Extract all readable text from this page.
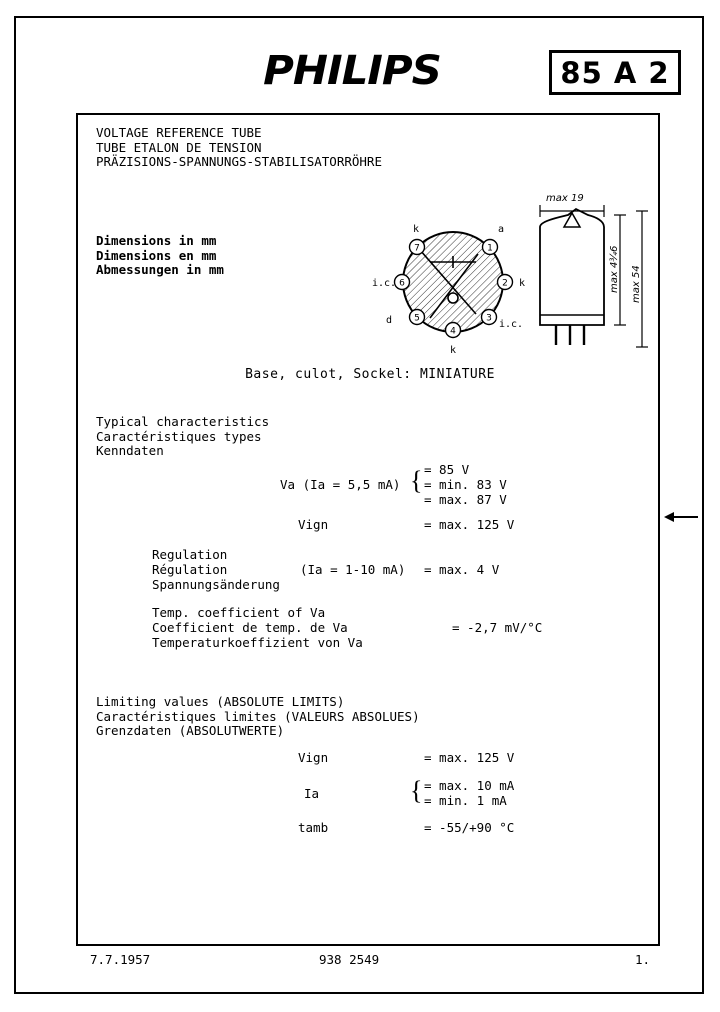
PHILIPS	85 A 2
VOLTAGE REFERENCE TUBE
TUBE ETALON DE TENSION
PRÄZISIONS-SPANNUNGS-STABILISATORRÖHRE
Dimensions in mm
Dimensions en mm
Abmessungen in mm
1
2
3
4
5
6
7
a
k
i.c.
k
d
i.c.
k
max 19
max 4¾6 max 54
Base, culot, Sockel: MINIATURE
Typical characteristics
Caractéristiques types
Kenndaten
Va (Ia = 5,5 mA) { = 85 V
= min. 83 V
= max. 87 V
Vign	= max. 125 V
Regulation
Régulation
Spannungsänderung
(Ia = 1-10 mA) = max. 4 V
Temp. coefficient of Va
Coefficient de temp. de Va
Temperaturkoeffizient von Va
= -2,7 mV/°C
Limiting values (ABSOLUTE LIMITS)
Caractéristiques limites (VALEURS ABSOLUES)
Grenzdaten (ABSOLUTWERTE)
Vign	= max. 125 V
Ia	{ = max. 10 mA
= min. 1 mA
tamb	= -55/+90 °C
7.7.1957	938 2549	1.
